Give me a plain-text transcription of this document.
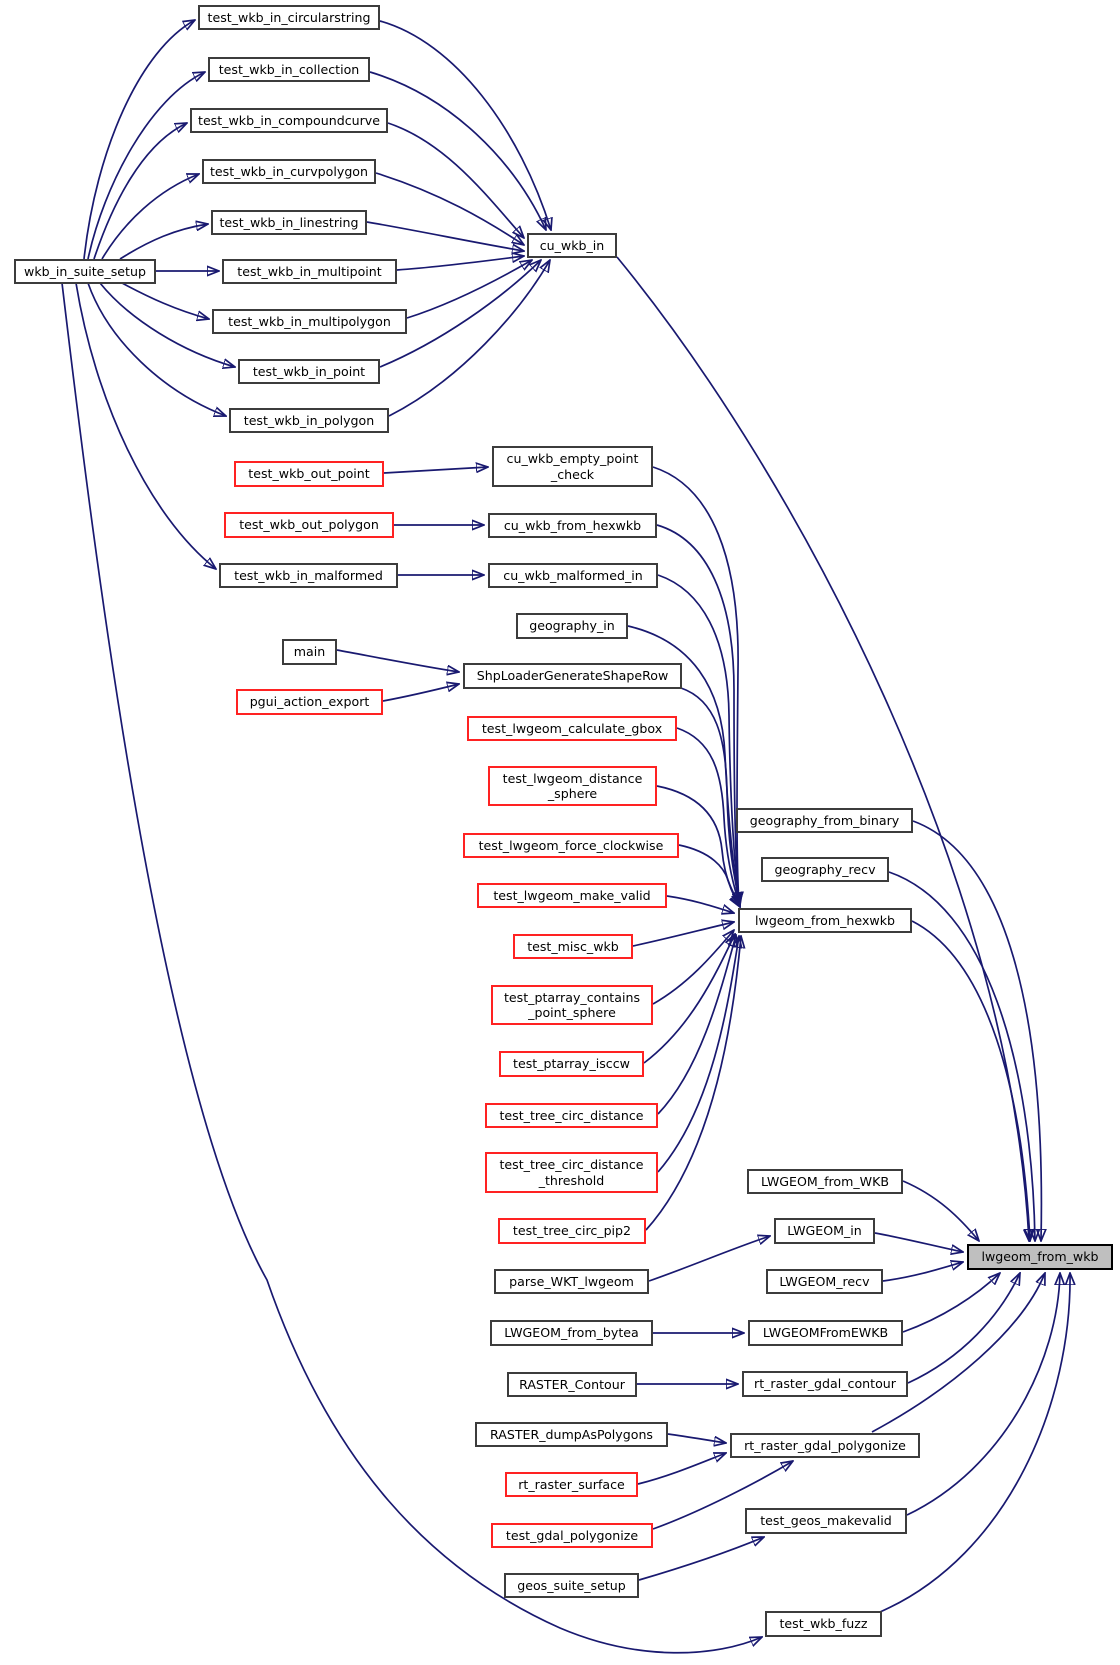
test_wkb_in_circularstring
test_wkb_in_collection
test_wkb_in_compoundcurve
test_wkb_in_curvpolygon
test_wkb_in_linestring
test_wkb_in_multipoint
test_wkb_in_multipolygon
test_wkb_in_point
test_wkb_in_polygon
wkb_in_suite_setup
cu_wkb_in
test_wkb_out_point
test_wkb_out_polygon
test_wkb_in_malformed
main
pgui_action_export
cu_wkb_empty_point
_check
cu_wkb_from_hexwkb
cu_wkb_malformed_in
geography_in
ShpLoaderGenerateShapeRow
test_lwgeom_calculate_gbox
test_lwgeom_distance
_sphere
test_lwgeom_force_clockwise
test_lwgeom_make_valid
test_misc_wkb
test_ptarray_contains
_point_sphere
test_ptarray_isccw
test_tree_circ_distance
test_tree_circ_distance
_threshold
test_tree_circ_pip2
parse_WKT_lwgeom
LWGEOM_from_bytea
RASTER_Contour
RASTER_dumpAsPolygons
rt_raster_surface
test_gdal_polygonize
geos_suite_setup
geography_from_binary
geography_recv
lwgeom_from_hexwkb
LWGEOM_from_WKB
LWGEOM_in
LWGEOM_recv
LWGEOMFromEWKB
rt_raster_gdal_contour
rt_raster_gdal_polygonize
test_geos_makevalid
test_wkb_fuzz
lwgeom_from_wkb
